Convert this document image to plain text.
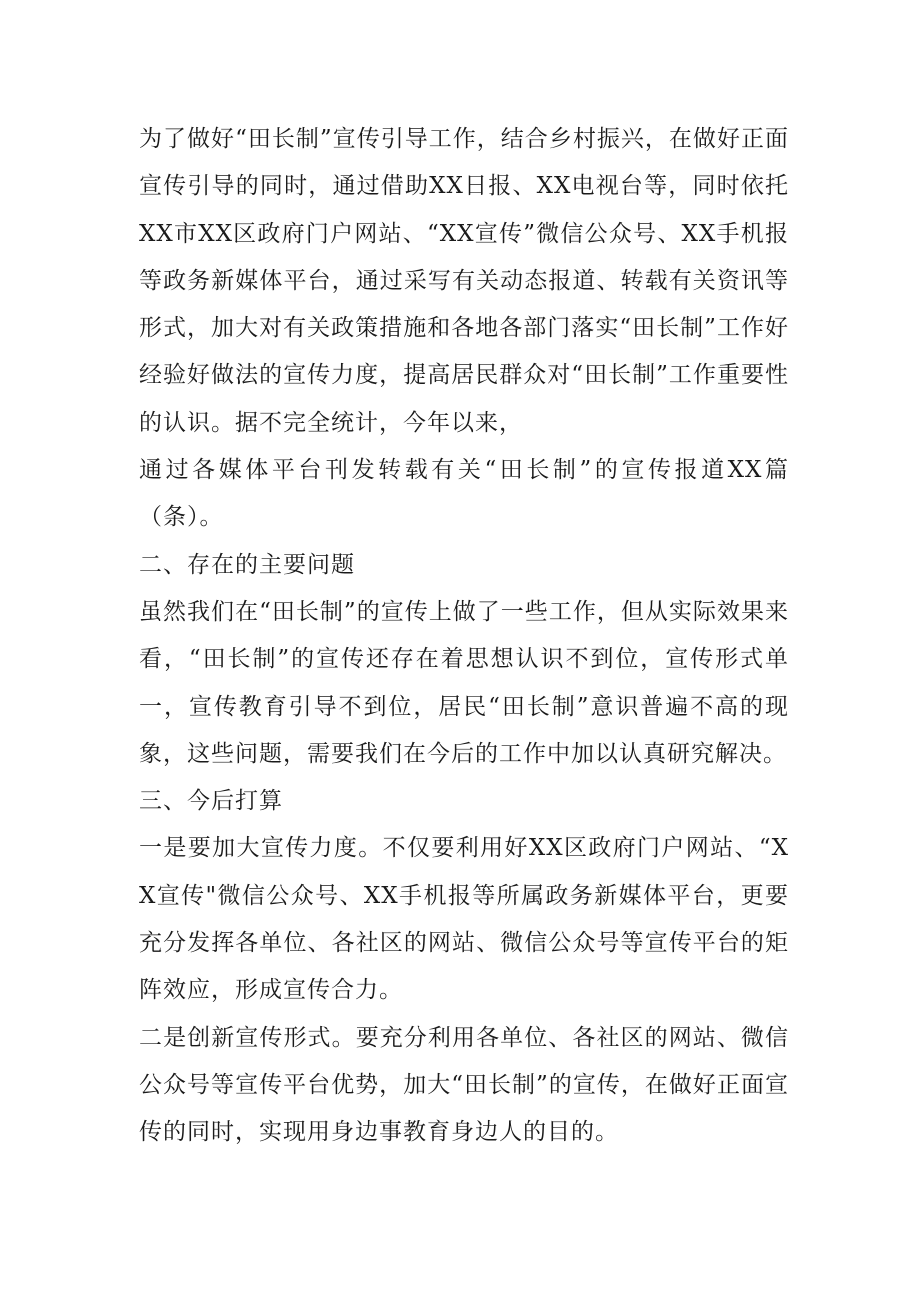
为了做好“田长制”宣传引导工作，结合乡村振兴，在做好正面宣传引导的同时，通过借助XX日报、XX电视台等，同时依托XX市XX区政府门户网站、“XX宣传”微信公众号、XX手机报等政务新媒体平台，通过采写有关动态报道、转载有关资讯等形式，加大对有关政策措施和各地各部门落实“田长制”工作好经验好做法的宣传力度，提高居民群众对“田长制”工作重要性的认识。据不完全统计，今年以来，

通过各媒体平台刊发转载有关“田长制”的宣传报道XX篇（条）。

二、存在的主要问题

虽然我们在“田长制”的宣传上做了一些工作，但从实际效果来看，“田长制”的宣传还存在着思想认识不到位，宣传形式单一，宣传教育引导不到位，居民“田长制”意识普遍不高的现象，这些问题，需要我们在今后的工作中加以认真研究解决。

三、今后打算

一是要加大宣传力度。不仅要利用好XX区政府门户网站、“XX宣传"微信公众号、XX手机报等所属政务新媒体平台，更要充分发挥各单位、各社区的网站、微信公众号等宣传平台的矩阵效应，形成宣传合力。

二是创新宣传形式。要充分利用各单位、各社区的网站、微信公众号等宣传平台优势，加大“田长制”的宣传，在做好正面宣传的同时，实现用身边事教育身边人的目的。
